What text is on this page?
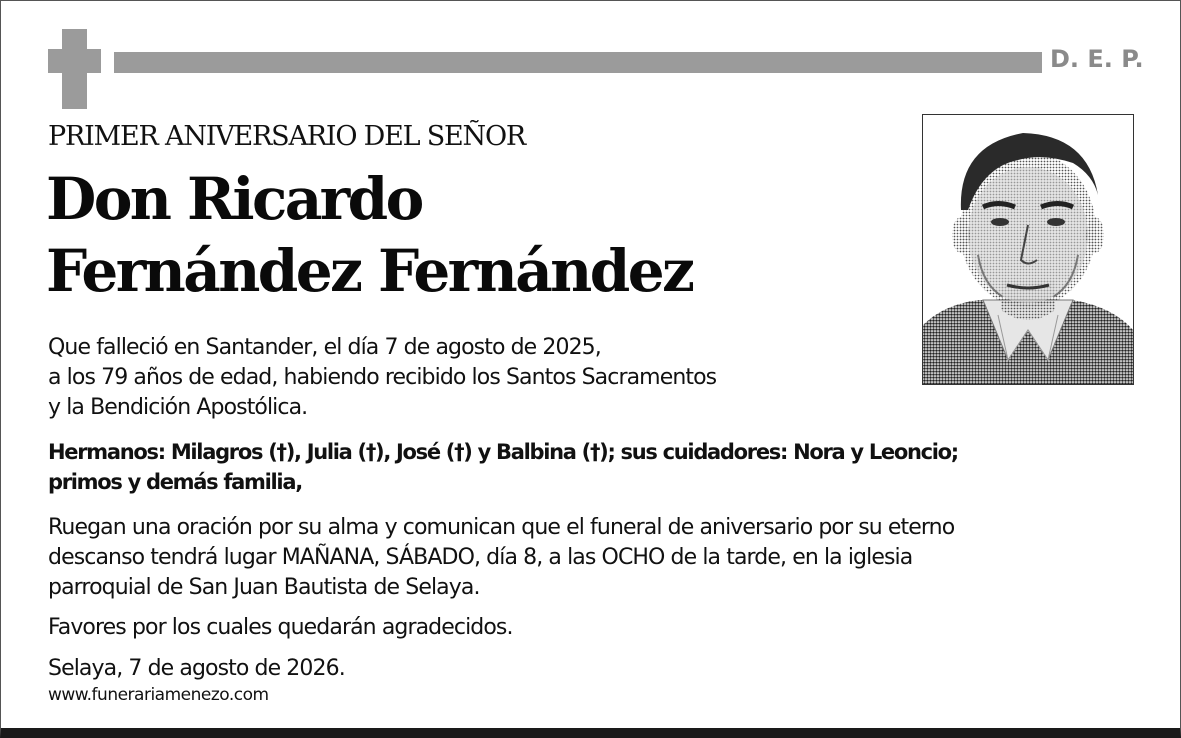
D. E. P.
PRIMER ANIVERSARIO DEL SEÑOR
Don Ricardo
Fernández Fernández
Que falleció en Santander, el día 7 de agosto de 2025,
a los 79 años de edad, habiendo recibido los Santos Sacramentos
y la Bendición Apostólica.
Hermanos: Milagros (†), Julia (†), José (†) y Balbina (†); sus cuidadores: Nora y Leoncio;
primos y demás familia,
Ruegan una oración por su alma y comunican que el funeral de aniversario por su eterno
descanso tendrá lugar MAÑANA, SÁBADO, día 8, a las OCHO de la tarde, en la iglesia
parroquial de San Juan Bautista de Selaya.
Favores por los cuales quedarán agradecidos.
Selaya, 7 de agosto de 2026.
www.funerariamenezo.com
